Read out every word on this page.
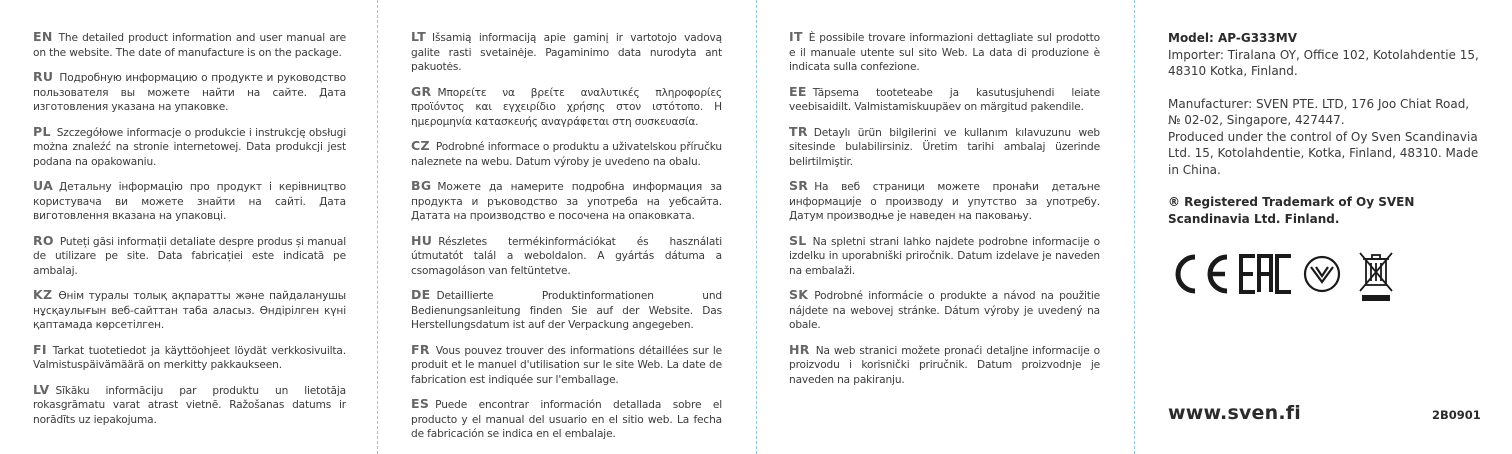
EN The detailed product information and user manual are on the website. The date of manufacture is on the package.

RU Подробную информацию о продукте и руководство пользователя вы можете найти на сайте. Дата изготовления указана на упаковке.

PL Szczegółowe informacje o produkcie i instrukcję obsługi można znaleźć na stronie internetowej. Data produkcji jest podana na opakowaniu.

UA Детальну інформацію про продукт і керівництво користувача ви можете знайти на сайті. Дата виготовлення вказана на упаковці.

RO Puteți găsi informații detaliate despre produs și manual de utilizare pe site. Data fabricației este indicată pe ambalaj.

KZ Өнім туралы толық ақпаратты және пайдаланушы нұсқаулығын веб-сайттан таба аласыз. Өндірілген күні қаптамада көрсетілген.

FI Tarkat tuotetiedot ja käyttöohjeet löydät verkkosivuilta. Valmistuspäivämäärä on merkitty pakkaukseen.

LV Sīkāku informāciju par produktu un lietotāja rokasgrāmatu varat atrast vietnē. Ražošanas datums ir norādīts uz iepakojuma.

LT Išsamią informaciją apie gaminį ir vartotojo vadovą galite rasti svetainėje. Pagaminimo data nurodyta ant pakuotės.

GR Μπορείτε να βρείτε αναλυτικές πληροφορίες προϊόντος και εγχειρίδιο χρήσης στον ιστότοπο. Η ημερομηνία κατασκευής αναγράφεται στη συσκευασία.

CZ Podrobné informace o produktu a uživatelskou příručku naleznete na webu. Datum výroby je uvedeno na obalu.

BG Можете да намерите подробна информация за продукта и ръководство за употреба на уебсайта. Датата на производство е посочена на опаковката.

HU Részletes termékinformációkat és használati útmutatót talál a weboldalon. A gyártás dátuma a csomagoláson van feltüntetve.

DE Detaillierte Produktinformationen und Bedienungsanleitung finden Sie auf der Website. Das Herstellungsdatum ist auf der Verpackung angegeben.

FR Vous pouvez trouver des informations détaillées sur le produit et le manuel d'utilisation sur le site Web. La date de fabrication est indiquée sur l'emballage.

ES Puede encontrar información detallada sobre el producto y el manual del usuario en el sitio web. La fecha de fabricación se indica en el embalaje.

IT È possibile trovare informazioni dettagliate sul prodotto e il manuale utente sul sito Web. La data di produzione è indicata sulla confezione.

EE Täpsema tooteteabe ja kasutusjuhendi leiate veebisaidilt. Valmistamiskuupäev on märgitud pakendile.

TR Detaylı ürün bilgilerini ve kullanım kılavuzunu web sitesinde bulabilirsiniz. Üretim tarihi ambalaj üzerinde belirtilmiştir.

SR На веб страници можете пронаћи детаљне информације о производу и упутство за употребу. Датум производње је наведен на паковању.

SL Na spletni strani lahko najdete podrobne informacije o izdelku in uporabniški priročnik. Datum izdelave je naveden na embalaži.

SK Podrobné informácie o produkte a návod na použitie nájdete na webovej stránke. Dátum výroby je uvedený na obale.

HR Na web stranici možete pronaći detaljne informacije o proizvodu i korisnički priručnik. Datum proizvodnje je naveden na pakiranju.

Model: AP-G333MV

Importer: Tiralana OY, Office 102, Kotolahdentie 15, 48310 Kotka, Finland.

Manufacturer: SVEN PTE. LTD, 176 Joo Chiat Road, № 02-02, Singapore, 427447.

Produced under the control of Oy Sven Scandinavia Ltd. 15, Kotolahdentie, Kotka, Finland, 48310. Made in China.

® Registered Trademark of Oy SVEN Scandinavia Ltd. Finland.

www.sven.fi	2B0901
